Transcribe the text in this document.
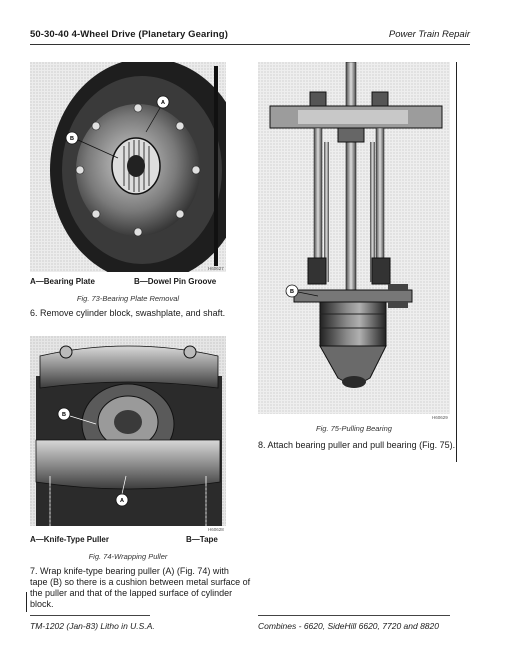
50-30-40 4-Wheel Drive (Planetary Gearing)	Power Train Repair
A
B
H60627
A—Bearing Plate	B—Dowel Pin Groove
Fig. 73-Bearing Plate Removal
6. Remove cylinder block, swashplate, and shaft.
B
A
H60628
A—Knife-Type Puller	B—Tape
Fig. 74-Wrapping Puller
7. Wrap knife-type bearing puller (A) (Fig. 74) with
tape (B) so there is a cushion between metal surface of
the puller and that of the lapped surface of cylinder
block.
B
H60629
Fig. 75-Pulling Bearing
8. Attach bearing puller and pull bearing (Fig. 75).
TM-1202 (Jan-83) Litho in U.S.A.	Combines - 6620, SideHill 6620, 7720 and 8820
